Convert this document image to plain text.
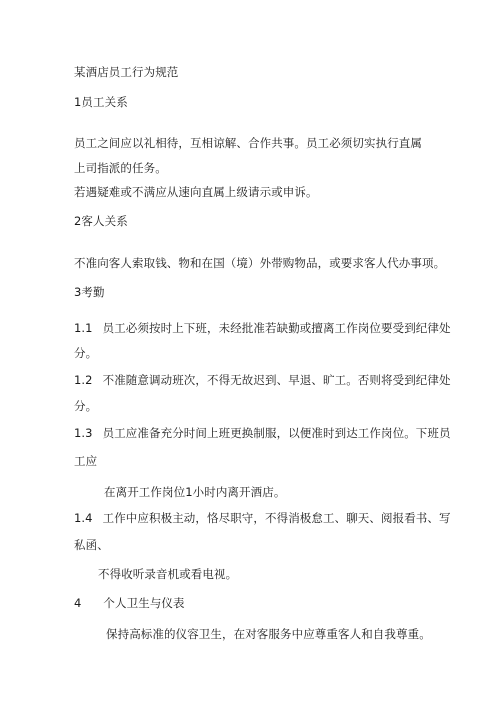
某酒店员工行为规范
1员工关系
员工之间应以礼相待，互相谅解、合作共事。员工必须切实执行直属
上司指派的任务。
若遇疑难或不满应从速向直属上级请示或申诉。
2客人关系
不准向客人索取钱、物和在国（境）外带购物品，或要求客人代办事项。
3考勤
1.1 员工必须按时上下班，未经批准若缺勤或擅离工作岗位要受到纪律处
分。
1.2 不准随意调动班次，不得无故迟到、早退、旷工。否则将受到纪律处
分。
1.3 员工应准备充分时间上班更换制服，以便准时到达工作岗位。下班员
工应
在离开工作岗位1小时内离开酒店。
1.4 工作中应积极主动，恪尽职守，不得消极怠工、聊天、阅报看书、写
私函、
不得收听录音机或看电视。
4 个人卫生与仪表
保持高标准的仪容卫生，在对客服务中应尊重客人和自我尊重。
